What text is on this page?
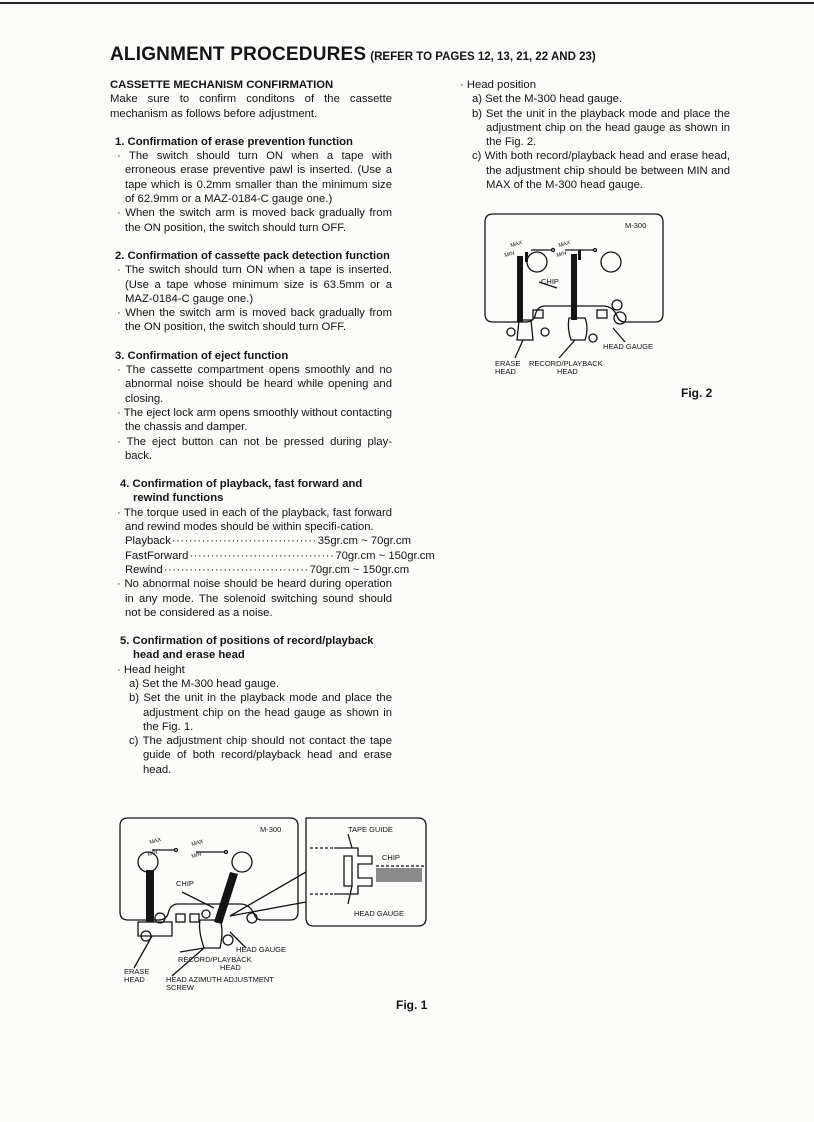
ALIGNMENT PROCEDURES (REFER TO PAGES 12, 13, 21, 22 AND 23)

CASSETTE MECHANISM CONFIRMATION

Make sure to confirm conditons of the cassette mechanism as follows before adjustment.

1. Confirmation of erase prevention function

· The switch should turn ON when a tape with erroneous erase preventive pawl is inserted. (Use a tape which is 0.2mm smaller than the minimum size of 62.9mm or a MAZ-0184-C gauge one.)

· When the switch arm is moved back gradually from the ON position, the switch should turn OFF.

2. Confirmation of cassette pack detection function

· The switch should turn ON when a tape is inserted. (Use a tape whose minimum size is 63.5mm or a MAZ-0184-C gauge one.)

· When the switch arm is moved back gradually from the ON position, the switch should turn OFF.

3. Confirmation of eject function

· The cassette compartment opens smoothly and no abnormal noise should be heard while opening and closing.

· The eject lock arm opens smoothly without contacting the chassis and damper.

· The eject button can not be pressed during play-back.

4. Confirmation of playback, fast forward and rewind functions

· The torque used in each of the playback, fast forward and rewind modes should be within specifi-cation.

Playback ·································· 35gr.cm ~ 70gr.cm
FastForward ·································· 70gr.cm ~ 150gr.cm
Rewind ·································· 70gr.cm ~ 150gr.cm

· No abnormal noise should be heard during operation in any mode. The solenoid switching sound should not be considered as a noise.

5. Confirmation of positions of record/playback head and erase head

· Head height

a) Set the M-300 head gauge.

b) Set the unit in the playback mode and place the adjustment chip on the head gauge as shown in the Fig. 1.

c) The adjustment chip should not contact the tape guide of both record/playback head and erase head.

· Head position

a) Set the M-300 head gauge.

b) Set the unit in the playback mode and place the adjustment chip on the head gauge as shown in the Fig. 2.

c) With both record/playback head and erase head, the adjustment chip should be between MIN and MAX of the M-300 head gauge.

M-300
MAX
MIN
MAX
MIN
CHIP
HEAD GAUGE
ERASE
HEAD
RECORD/PLAYBACK
HEAD
Fig. 2
M-300
MAX
MIN
MAX
MIN
CHIP
TAPE GUIDE
CHIP
HEAD GAUGE
HEAD GAUGE
RECORD/PLAYBACK
HEAD
ERASE
HEAD	HEAD AZIMUTH ADJUSTMENT
SCREW
Fig. 1
